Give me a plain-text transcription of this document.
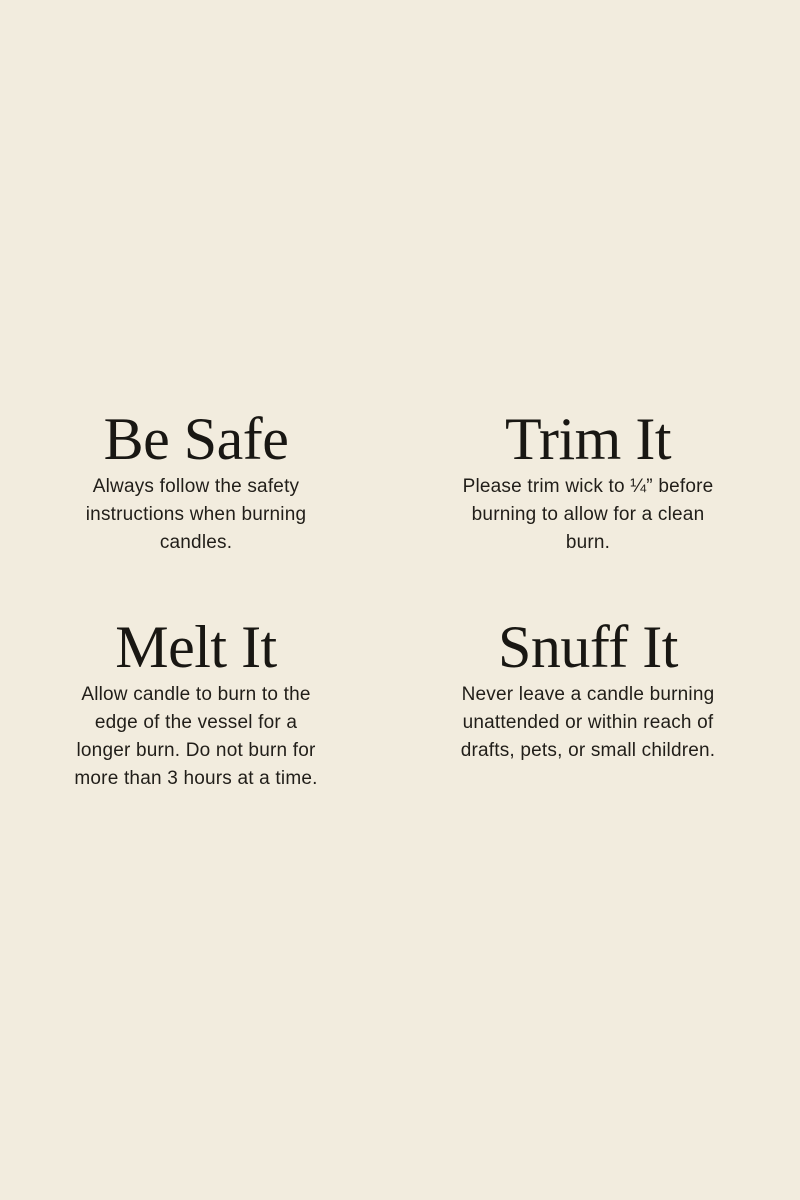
Be Safe

Always follow the safety
instructions when burning
candles.

Trim It

Please trim wick to ¼” before
burning to allow for a clean
burn.

Melt It

Allow candle to burn to the
edge of the vessel for a
longer burn. Do not burn for
more than 3 hours at a time.

Snuff It

Never leave a candle burning
unattended or within reach of
drafts, pets, or small children.
